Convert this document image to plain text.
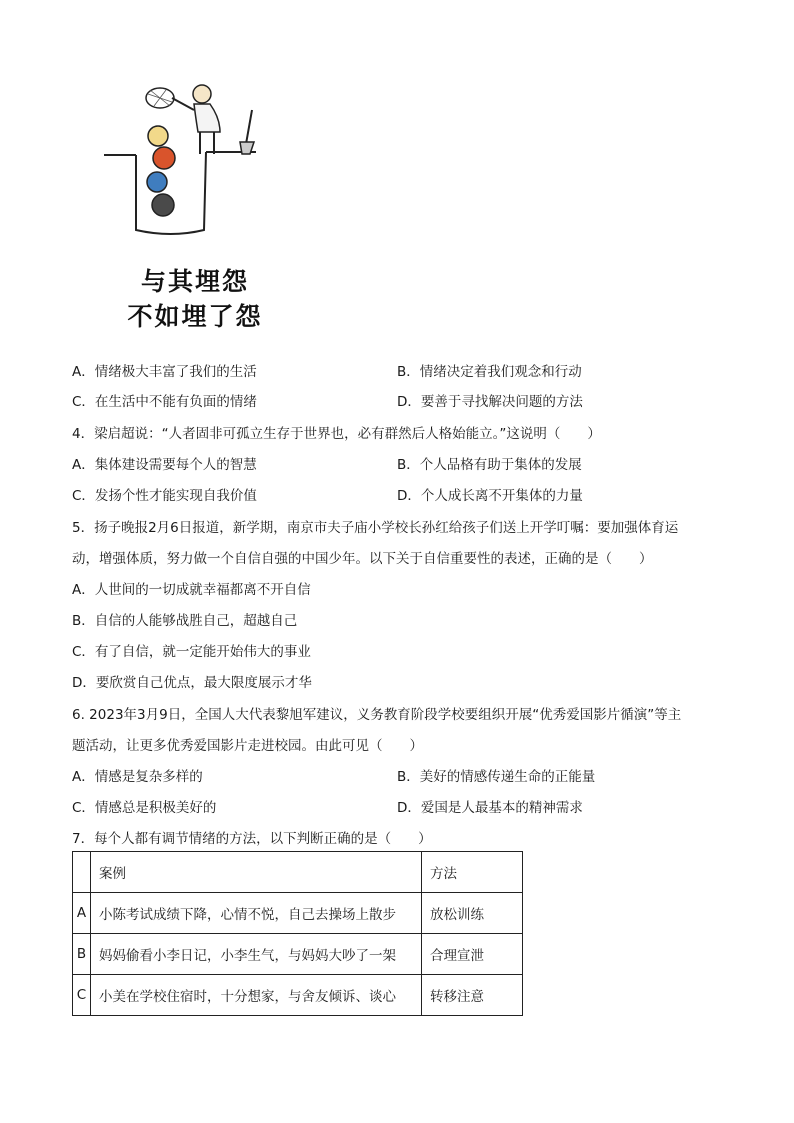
与其埋怨
不如埋了怨
A．情绪极大丰富了我们的生活	B．情绪决定着我们观念和行动
C．在生活中不能有负面的情绪	D．要善于寻找解决问题的方法
4．梁启超说：“人者固非可孤立生存于世界也，必有群然后人格始能立。”这说明（　　）
A．集体建设需要每个人的智慧	B．个人品格有助于集体的发展
C．发扬个性才能实现自我价值	D．个人成长离不开集体的力量
5．扬子晚报2月6日报道，新学期，南京市夫子庙小学校长孙红给孩子们送上开学叮嘱：要加强体育运
动，增强体质，努力做一个自信自强的中国少年。以下关于自信重要性的表述，正确的是（　　）
A．人世间的一切成就幸福都离不开自信
B．自信的人能够战胜自己，超越自己
C．有了自信，就一定能开始伟大的事业
D．要欣赏自己优点，最大限度展示才华
6. 2023年3月9日，全国人大代表黎旭军建议，义务教育阶段学校要组织开展“优秀爱国影片循演”等主
题活动，让更多优秀爱国影片走进校园。由此可见（　　）
A．情感是复杂多样的	B．美好的情感传递生命的正能量
C．情感总是积极美好的	D．爱国是人最基本的精神需求
7．每个人都有调节情绪的方法，以下判断正确的是（　　）
	案例	方法
A	小陈考试成绩下降，心情不悦，自己去操场上散步	放松训练
B	妈妈偷看小李日记，小李生气，与妈妈大吵了一架	合理宣泄
C	小美在学校住宿时，十分想家，与舍友倾诉、谈心	转移注意
